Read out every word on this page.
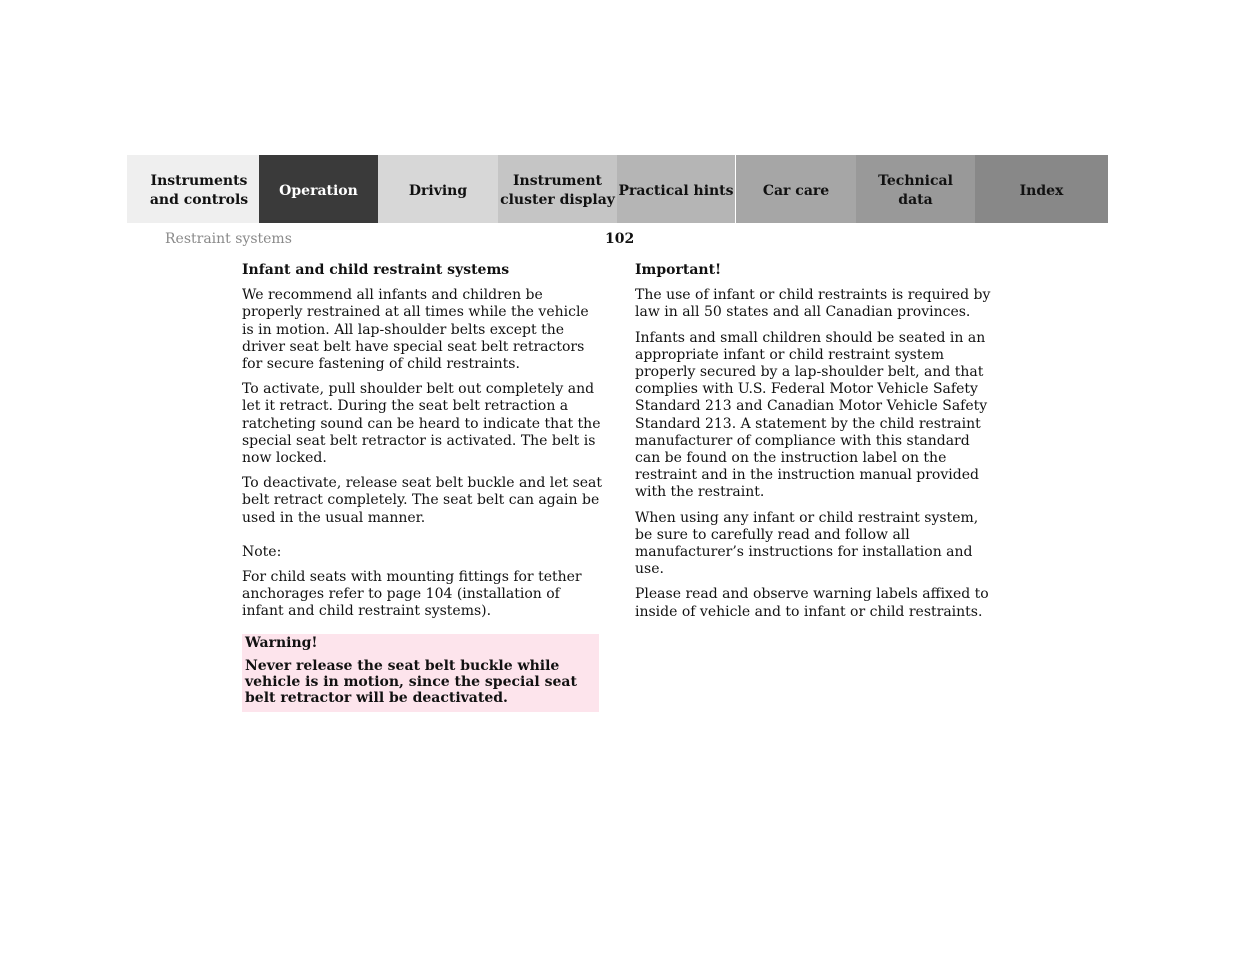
Instruments
and controls
Operation	Driving
Instrument
cluster display
Practical hints Car care
Technical
data
Index
Restraint systems	102
Infant and child restraint systems

We recommend all infants and children be properly restrained at all times while the vehicle is in motion. All lap-shoulder belts except the driver seat belt have special seat belt retractors for secure fastening of child restraints.

To activate, pull shoulder belt out completely and let it retract. During the seat belt retraction a ratcheting sound can be heard to indicate that the special seat belt retractor is activated. The belt is now locked.

To deactivate, release seat belt buckle and let seat belt retract completely. The seat belt can again be used in the usual manner.

Note:

For child seats with mounting fittings for tether anchorages refer to page 104 (installation of infant and child restraint systems).

Warning!
Never release the seat belt buckle while vehicle is in motion, since the special seat belt retractor will be deactivated.
Important!

The use of infant or child restraints is required by law in all 50 states and all Canadian provinces.

Infants and small children should be seated in an appropriate infant or child restraint system properly secured by a lap-shoulder belt, and that complies with U.S. Federal Motor Vehicle Safety Standard 213 and Canadian Motor Vehicle Safety Standard 213. A statement by the child restraint manufacturer of compliance with this standard can be found on the instruction label on the restraint and in the instruction manual provided with the restraint.

When using any infant or child restraint system, be sure to carefully read and follow all manufacturer’s instructions for installation and use.

Please read and observe warning labels affixed to inside of vehicle and to infant or child restraints.
